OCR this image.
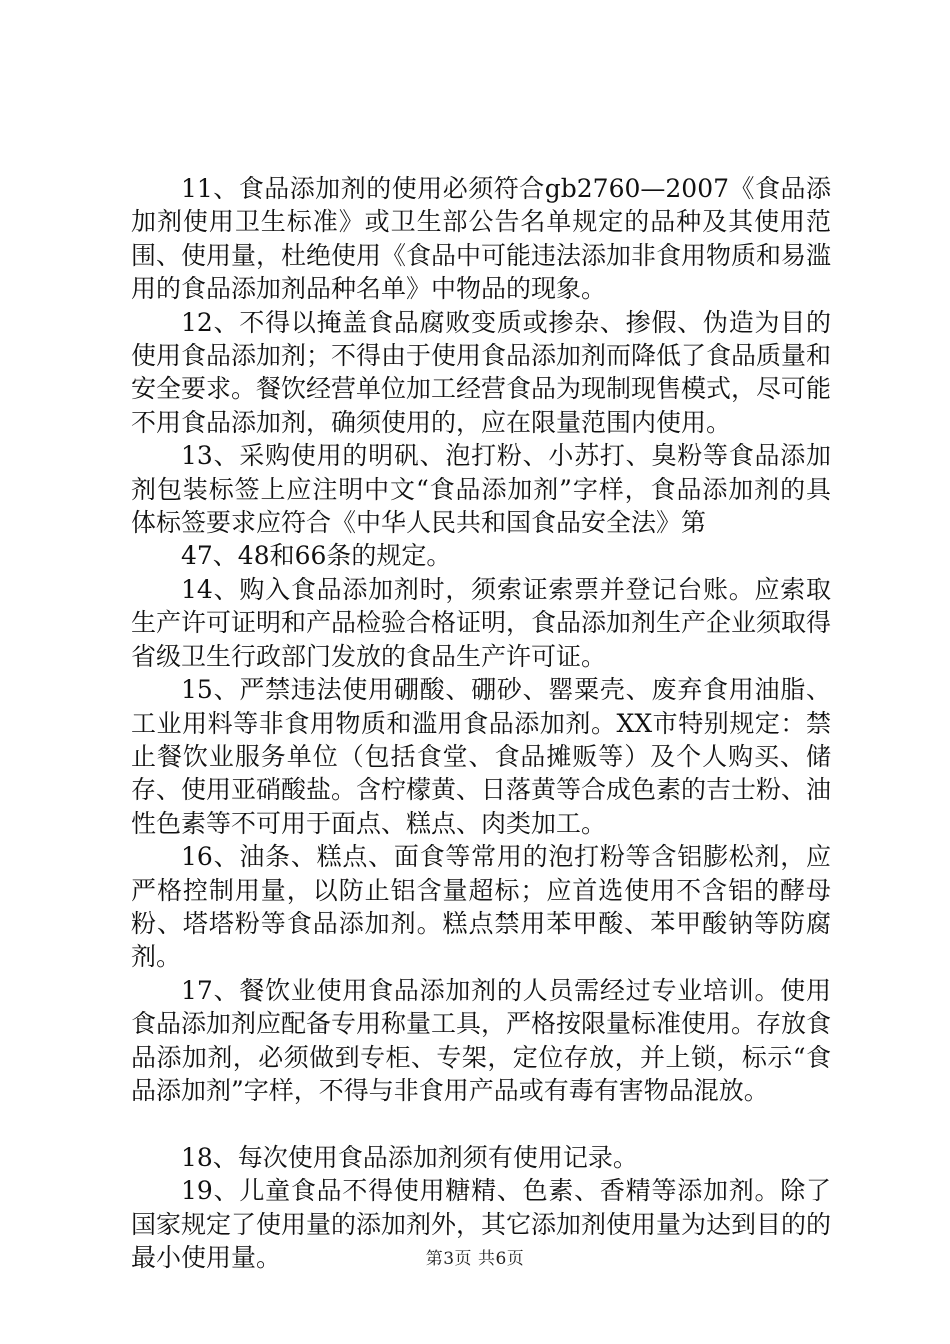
11、食品添加剂的使用必须符合gb2760—2007《食品添加剂使用卫生标准》或卫生部公告名单规定的品种及其使用范围、使用量，杜绝使用《食品中可能违法添加非食用物质和易滥用的食品添加剂品种名单》中物品的现象。

12、不得以掩盖食品腐败变质或掺杂、掺假、伪造为目的使用食品添加剂；不得由于使用食品添加剂而降低了食品质量和安全要求。餐饮经营单位加工经营食品为现制现售模式，尽可能不用食品添加剂，确须使用的，应在限量范围内使用。

13、采购使用的明矾、泡打粉、小苏打、臭粉等食品添加剂包装标签上应注明中文“食品添加剂”字样，食品添加剂的具体标签要求应符合《中华人民共和国食品安全法》第

47、48和66条的规定。

14、购入食品添加剂时，须索证索票并登记台账。应索取生产许可证明和产品检验合格证明，食品添加剂生产企业须取得省级卫生行政部门发放的食品生产许可证。

15、严禁违法使用硼酸、硼砂、罂粟壳、废弃食用油脂、工业用料等非食用物质和滥用食品添加剂。XX市特别规定：禁止餐饮业服务单位（包括食堂、食品摊贩等）及个人购买、储存、使用亚硝酸盐。含柠檬黄、日落黄等合成色素的吉士粉、油性色素等不可用于面点、糕点、肉类加工。

16、油条、糕点、面食等常用的泡打粉等含铝膨松剂，应严格控制用量，以防止铝含量超标；应首选使用不含铝的酵母粉、塔塔粉等食品添加剂。糕点禁用苯甲酸、苯甲酸钠等防腐剂。

17、餐饮业使用食品添加剂的人员需经过专业培训。使用食品添加剂应配备专用称量工具，严格按限量标准使用。存放食品添加剂，必须做到专柜、专架，定位存放，并上锁，标示“食品添加剂”字样，不得与非食用产品或有毒有害物品混放。

18、每次使用食品添加剂须有使用记录。

19、儿童食品不得使用糖精、色素、香精等添加剂。除了国家规定了使用量的添加剂外，其它添加剂使用量为达到目的的最小使用量。	第3页 共6页
